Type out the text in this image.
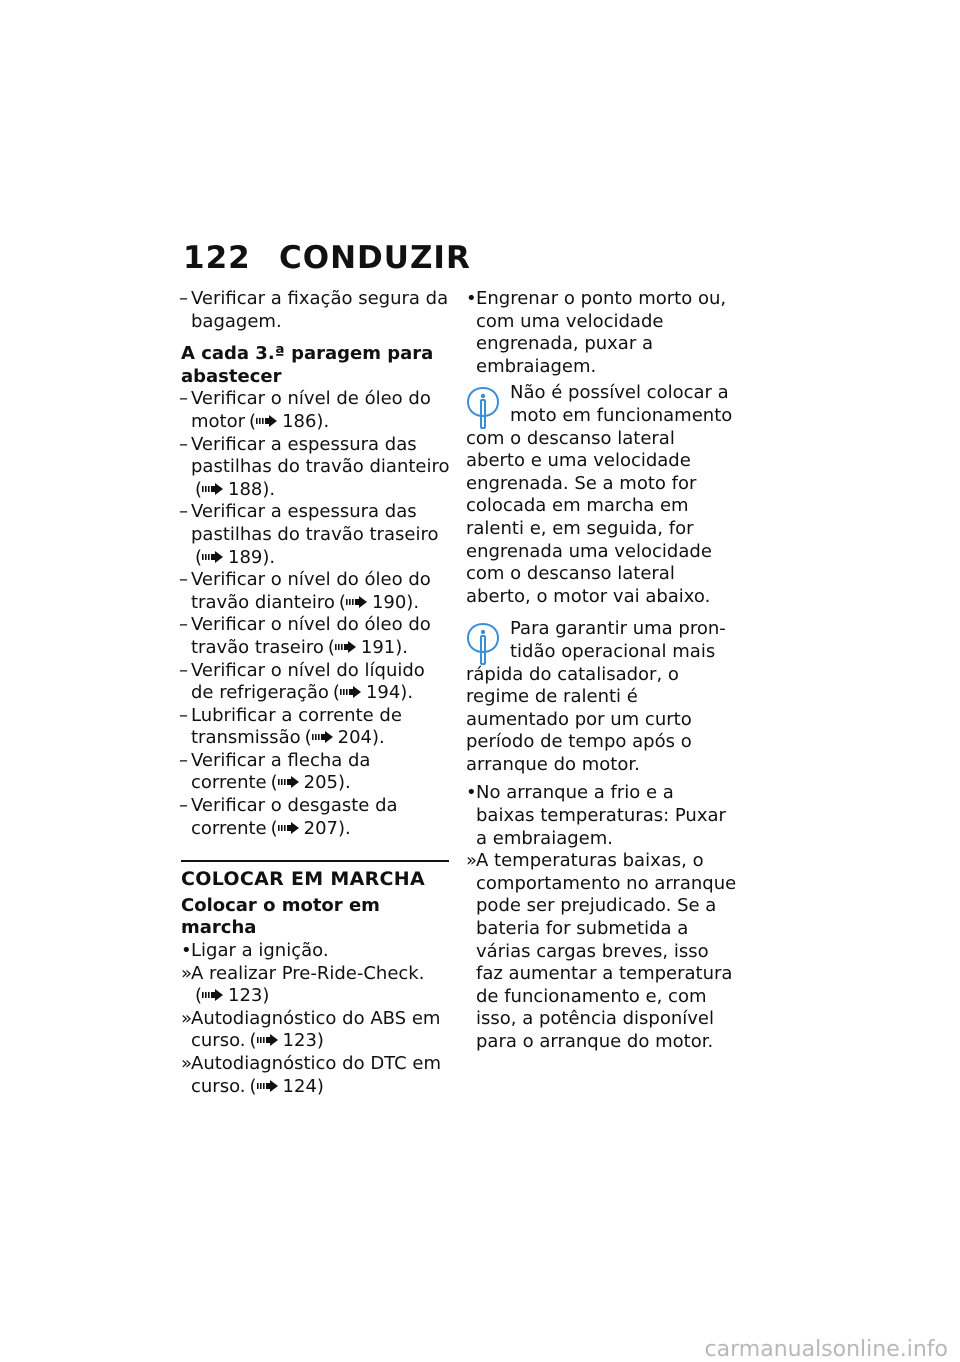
122 CONDUZIR
– Verificar a fixação segura da bagagem.
A cada 3.ª paragem para abastecer
– Verificar o nível de óleo do motor ( 186).
– Verificar a espessura das pastilhas do travão dianteiro( 188).
– Verificar a espessura das pastilhas do travão traseiro( 189).
– Verificar o nível do óleo do travão dianteiro ( 190).
– Verificar o nível do óleo do travão traseiro ( 191).
– Verificar o nível do líquido de refrigeração ( 194).
– Lubrificar a corrente de transmissão ( 204).
– Verificar a flecha da corrente ( 205).
– Verificar o desgaste da corrente ( 207).
COLOCAR EM MARCHA
Colocar o motor em marcha
• Ligar a ignição.
»
A realizar Pre-Ride-Check.( 123)
»
Autodiagnóstico do ABS em curso. ( 123)
»
Autodiagnóstico do DTC em curso. ( 124)
• Engrenar o ponto morto ou, com uma velocidade engrenada, puxar a embraiagem.
Não é possível colocar a
moto em funcionamento
com o descanso lateral aberto e uma velocidade engrenada. Se a moto for colocada em marcha em ralenti e, em seguida, for engrenada uma velocidade com o descanso lateral aberto, o motor vai abaixo.
Para garantir uma pron-
tidão operacional mais
rápida do catalisador, o regime de ralenti é aumentado por um curto período de tempo após o arranque do motor.
• No arranque a frio e a baixas temperaturas: Puxar a embraiagem.
»
A temperaturas baixas, o comportamento no arranque pode ser prejudicado. Se a bateria for submetida a várias cargas breves, isso faz aumentar a temperatura de funcionamento e, com isso, a potência disponível para o arranque do motor.
carmanualsonline.info
